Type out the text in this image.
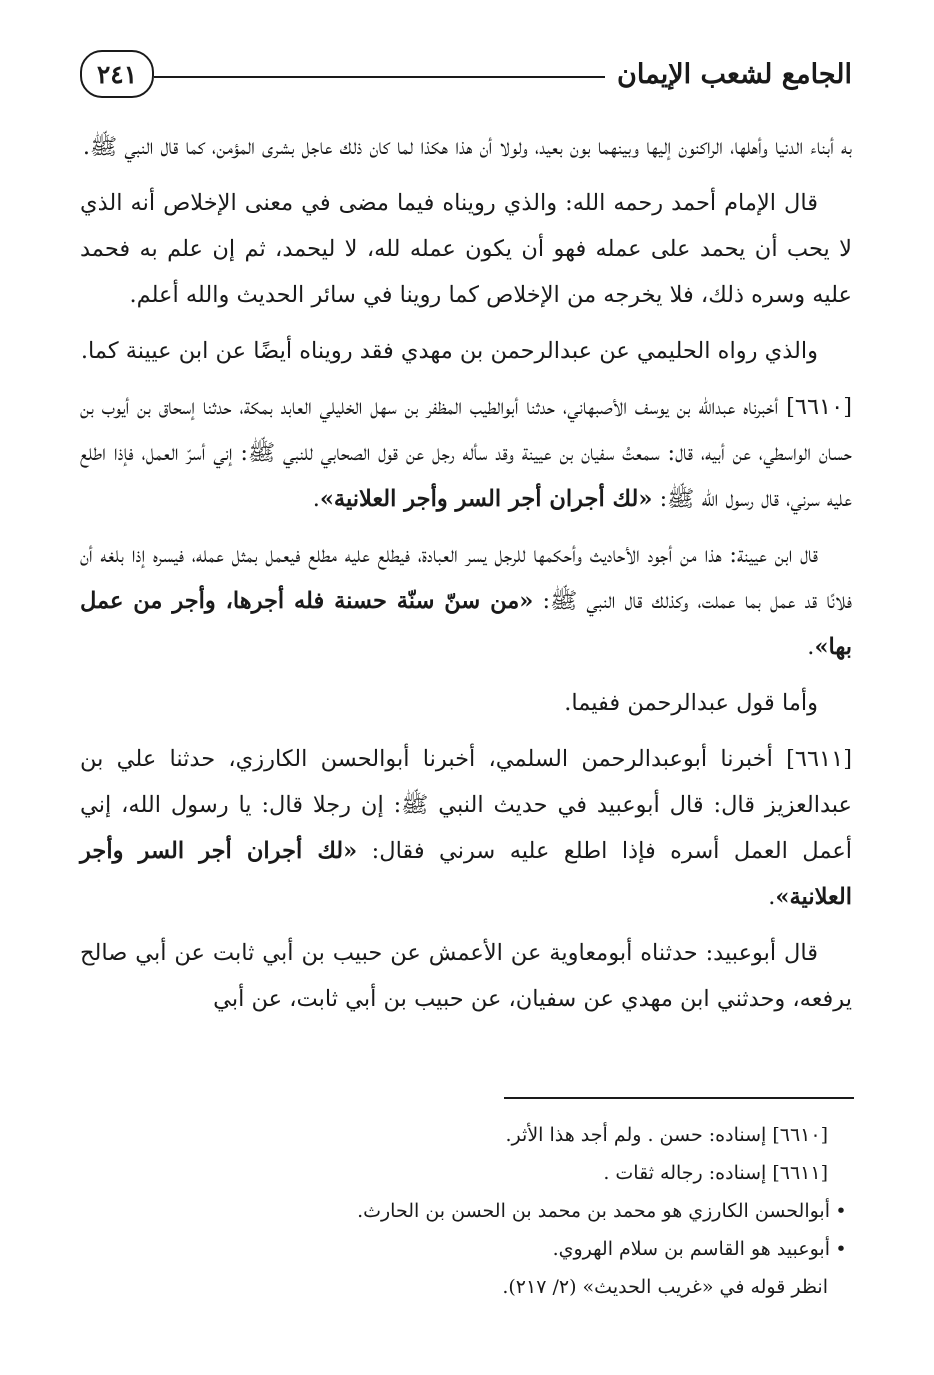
الجامع لشعب الإيمان
٢٤١

به أبناء الدنيا وأهلها، الراكنون إليها وبينهما بون بعيد، ولولا أن هذا هكذا لما كان ذلك عاجل بشرى المؤمن، كما قال النبي ﷺ.

قال الإمام أحمد رحمه الله: والذي رويناه فيما مضى في معنى الإخلاص أنه الذي لا يحب أن يحمد على عمله فهو أن يكون عمله لله، لا ليحمد، ثم إن علم به فحمد عليه وسره ذلك، فلا يخرجه من الإخلاص كما روينا في سائر الحديث والله أعلم.

والذي رواه الحليمي عن عبدالرحمن بن مهدي فقد رويناه أيضًا عن ابن عيينة كما.

[٦٦١٠] أخبرناه عبدالله بن يوسف الأصبهاني، حدثنا أبوالطيب المظفر بن سهل الخليلي العابد بمكة، حدثنا إسحاق بن أيوب بن حسان الواسطي، عن أبيه، قال: سمعتُ سفيان بن عيينة وقد سأله رجل عن قول الصحابي للنبي ﷺ: إني أسرّ العمل، فإذا اطلع عليه سرني، قال رسول الله ﷺ: «لك أجران أجر السر وأجر العلانية».

قال ابن عيينة: هذا من أجود الأحاديث وأحكمها للرجل يسر العبادة، فيطلع عليه مطلع فيعمل بمثل عمله، فيسره إذا بلغه أن فلانًا قد عمل بما عملت، وكذلك قال النبي ﷺ: «من سنّ سنّة حسنة فله أجرها، وأجر من عمل بها».

وأما قول عبدالرحمن ففيما.

[٦٦١١] أخبرنا أبوعبدالرحمن السلمي، أخبرنا أبوالحسن الكارزي، حدثنا علي بن عبدالعزيز قال: قال أبوعبيد في حديث النبي ﷺ: إن رجلا قال: يا رسول الله، إني أعمل العمل أسره فإذا اطلع عليه سرني فقال: «لك أجران أجر السر وأجر العلانية».

قال أبوعبيد: حدثناه أبومعاوية عن الأعمش عن حبيب بن أبي ثابت عن أبي صالح يرفعه، وحدثني ابن مهدي عن سفيان، عن حبيب بن أبي ثابت، عن أبي

[٦٦١٠] إسناده: حسن . ولم أجد هذا الأثر.
[٦٦١١] إسناده: رجاله ثقات .
•أبوالحسن الكارزي هو محمد بن محمد بن الحسن بن الحارث.
•أبوعبيد هو القاسم بن سلام الهروي.
انظر قوله في «غريب الحديث» (٢/ ٢١٧).
